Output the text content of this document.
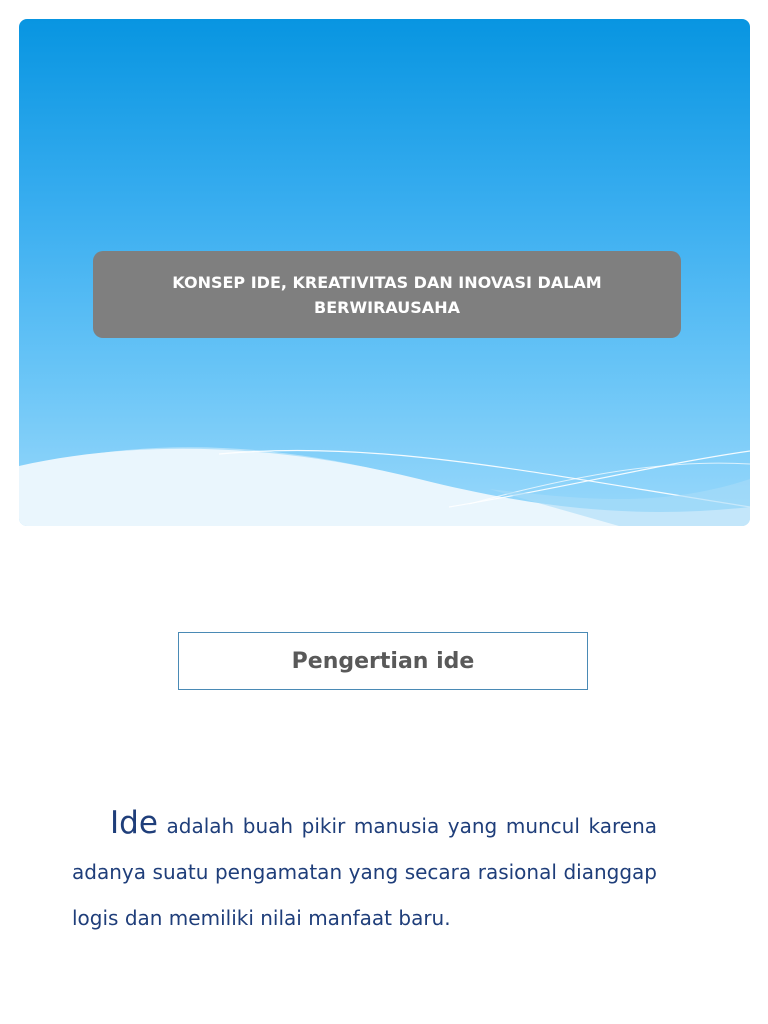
KONSEP IDE, KREATIVITAS DAN INOVASI DALAM BERWIRAUSAHA
Pengertian ide

Ide adalah buah pikir manusia yang muncul karena adanya suatu pengamatan yang secara rasional dianggap logis dan memiliki nilai manfaat baru.
